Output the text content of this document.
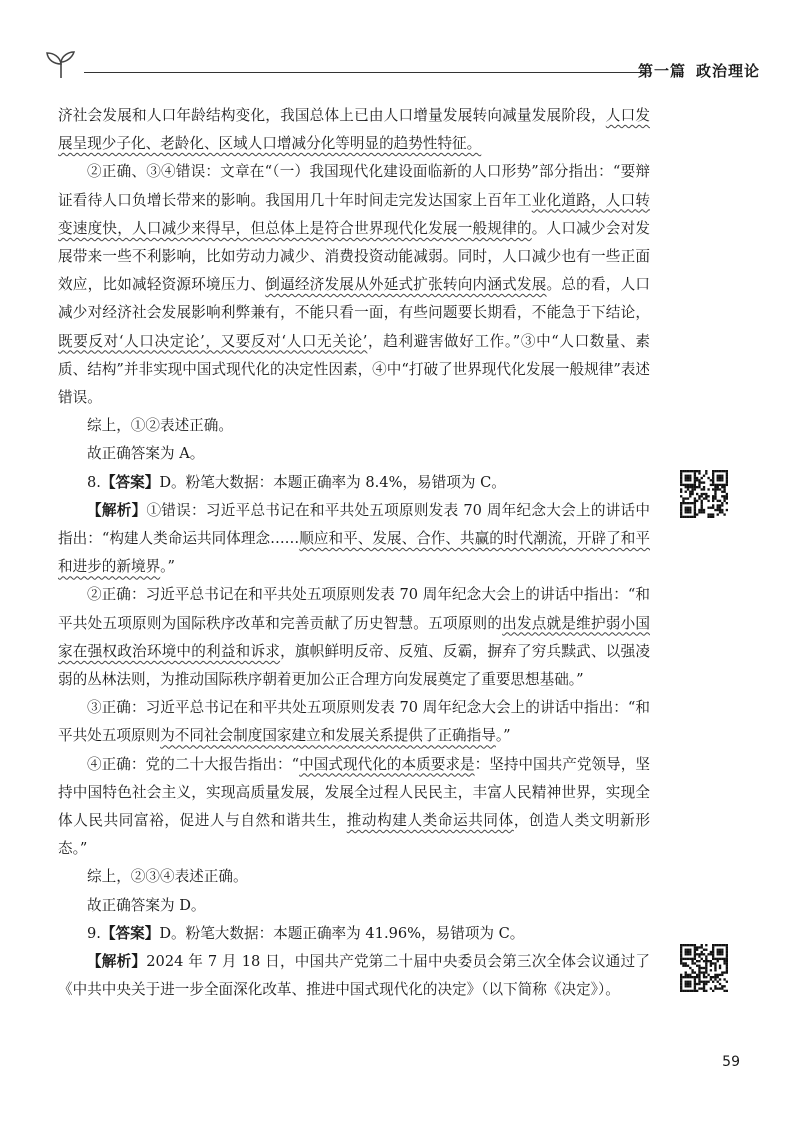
第一篇 政治理论

济社会发展和人口年龄结构变化，我国总体上已由人口增量发展转向减量发展阶段，人口发展呈现少子化、老龄化、区域人口增减分化等明显的趋势性特征。

②正确、③④错误：文章在“（一）我国现代化建设面临新的人口形势”部分指出：“要辩证看待人口负增长带来的影响。我国用几十年时间走完发达国家上百年工业化道路，人口转变速度快，人口减少来得早，但总体上是符合世界现代化发展一般规律的。人口减少会对发展带来一些不利影响，比如劳动力减少、消费投资动能减弱。同时，人口减少也有一些正面效应，比如减轻资源环境压力、倒逼经济发展从外延式扩张转向内涵式发展。总的看，人口减少对经济社会发展影响利弊兼有，不能只看一面，有些问题要长期看，不能急于下结论，既要反对‘人口决定论’，又要反对‘人口无关论’，趋利避害做好工作。”③中“人口数量、素质、结构”并非实现中国式现代化的决定性因素，④中“打破了世界现代化发展一般规律”表述错误。

综上，①②表述正确。

故正确答案为 A。

8.【答案】D。粉笔大数据：本题正确率为 8.4%，易错项为 C。

【解析】①错误：习近平总书记在和平共处五项原则发表 70 周年纪念大会上的讲话中指出：“构建人类命运共同体理念……顺应和平、发展、合作、共赢的时代潮流，开辟了和平和进步的新境界。”

②正确：习近平总书记在和平共处五项原则发表 70 周年纪念大会上的讲话中指出：“和平共处五项原则为国际秩序改革和完善贡献了历史智慧。五项原则的出发点就是维护弱小国家在强权政治环境中的利益和诉求，旗帜鲜明反帝、反殖、反霸，摒弃了穷兵黩武、以强凌弱的丛林法则，为推动国际秩序朝着更加公正合理方向发展奠定了重要思想基础。”

③正确：习近平总书记在和平共处五项原则发表 70 周年纪念大会上的讲话中指出：“和平共处五项原则为不同社会制度国家建立和发展关系提供了正确指导。”

④正确：党的二十大报告指出：“中国式现代化的本质要求是：坚持中国共产党领导，坚持中国特色社会主义，实现高质量发展，发展全过程人民民主，丰富人民精神世界，实现全体人民共同富裕，促进人与自然和谐共生，推动构建人类命运共同体，创造人类文明新形态。”

综上，②③④表述正确。

故正确答案为 D。

9.【答案】D。粉笔大数据：本题正确率为 41.96%，易错项为 C。

【解析】2024 年 7 月 18 日，中国共产党第二十届中央委员会第三次全体会议通过了《中共中央关于进一步全面深化改革、推进中国式现代化的决定》（以下简称《决定》）。

59
